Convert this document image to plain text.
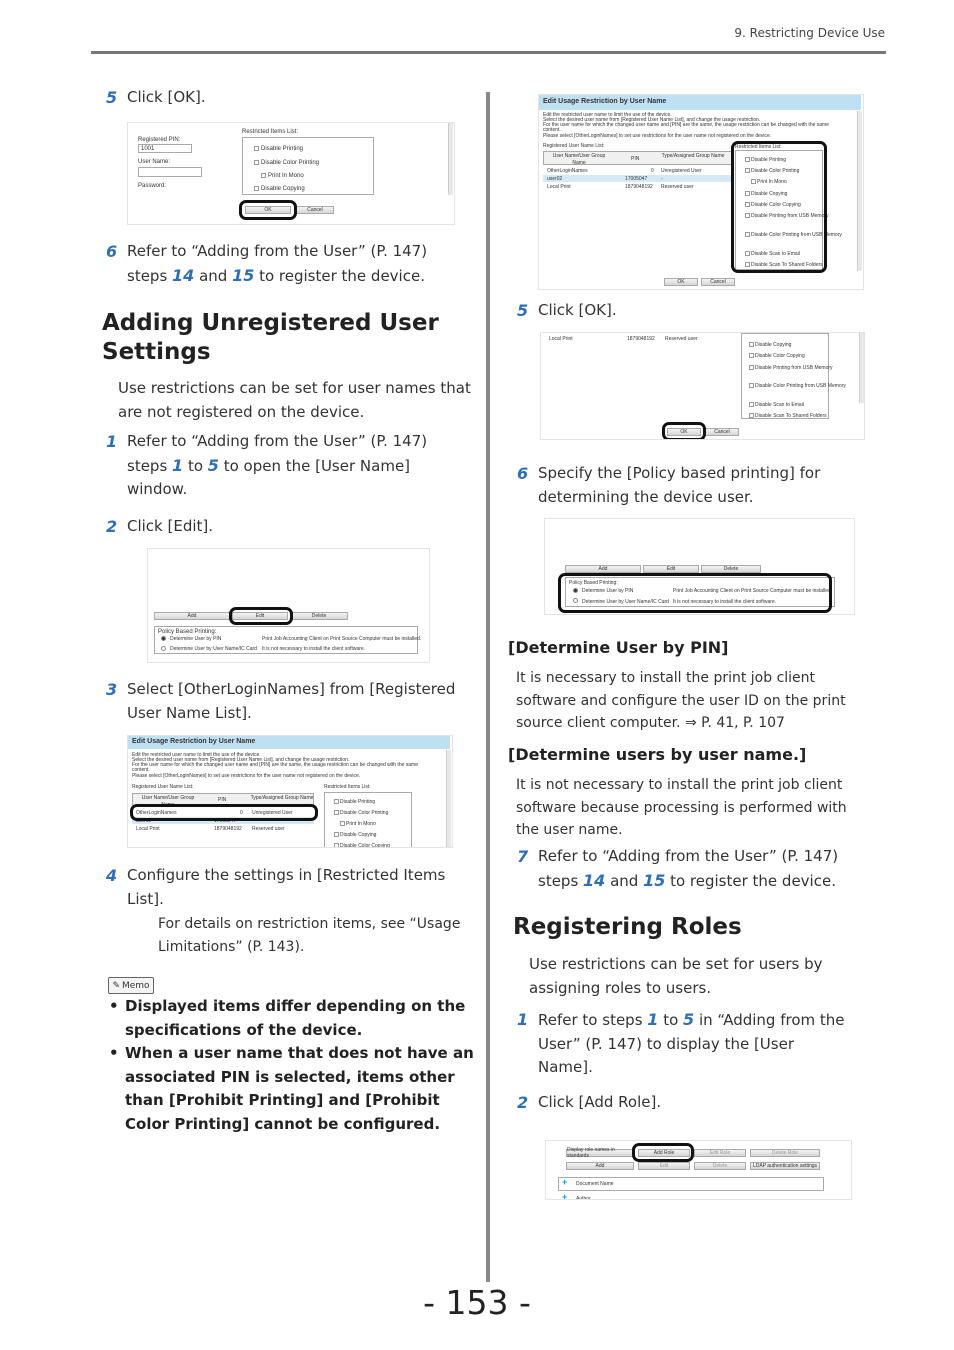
9. Restricting Device Use
5 Click [OK].
Restricted Items List:
Registered PIN:
1001
User Name:
Password:
Disable Printing
Disable Color Printing
Print In Mono
Disable Copying
OK	Cancel
6 Refer to “Adding from the User” (P. 147) steps 14 and 15 to register the device.
Adding Unregistered User Settings
Use restrictions can be set for user names that are not registered on the device.
1 Refer to “Adding from the User” (P. 147) steps 1 to 5 to open the [User Name] window.
2 Click [Edit].
Add	Edit	Delete
Policy Based Printing:
Determine User by PIN	Print Job Accounting Client on Print Source Computer must be installed.
Determine User by User Name/IC Card It is not necessary to install the client software.
3 Select [OtherLoginNames] from [Registered User Name List].
Edit Usage Restriction by User Name
Edit the restricted user name to limit the use of the device.
Select the desired user name from [Registered User Name List], and change the usage restriction.
For the user name for which the changed user name and [PIN] are the same, the usage restriction can be changed with the same
content.
Please select [OtherLoginNames] to set use restrictions for the user name not registered on the device.
Registered User Name List:	Restricted Items List:
User Name/User Group Name
PIN	Type/Assigned Group Name
OtherLoginNames	0 Unregistered User
user02	17005047	-
Local Print	1879048192 Reserved user
Disable Printing
Disable Color Printing
Print In Mono
Disable Copying
Disable Color Copying
4 Configure the settings in [Restricted Items List].
For details on restriction items, see “Usage Limitations” (P. 143).
✎ Memo
• Displayed items differ depending on the specifications of the device.
• When a user name that does not have an associated PIN is selected, items other than [Prohibit Printing] and [Prohibit Color Printing] cannot be configured.
Edit Usage Restriction by User Name
Edit the restricted user name to limit the use of the device.
Select the desired user name from [Registered User Name List], and change the usage restriction.
For the user name for which the changed user name and [PIN] are the same, the usage restriction can be changed with the same
content.
Please select [OtherLoginNames] to set use restrictions for the user name not registered on the device.
Registered User Name List:	Restricted Items List:
User Name/User Group Name
PIN	Type/Assigned Group Name
OtherLoginNames	0 Unregistered User
user02	17005047	-
Local Print	1879048192 Reserved user
Disable Printing
Disable Color Printing
Print In Mono
Disable Copying
Disable Color Copying
Disable Printing from USB Memory
Disable Color Printing from USB Memory
Disable Scan to Email
Disable Scan To Shared Folders
OK	Cancel
5 Click [OK].
Local Print	1879048192 Reserved user
Disable Copying
Disable Color Copying
Disable Printing from USB Memory
Disable Color Printing from USB Memory
Disable Scan to Email
Disable Scan To Shared Folders
OK	Cancel
6 Specify the [Policy based printing] for determining the device user.
Add	Edit	Delete
Policy Based Printing:
Determine User by PIN	Print Job Accounting Client on Print Source Computer must be installed.
Determine User by User Name/IC Card It is not necessary to install the client software.
[Determine User by PIN]
It is necessary to install the print job client software and configure the user ID on the print source client computer. ⇒ P. 41, P. 107
[Determine users by user name.]
It is not necessary to install the print job client software because processing is performed with the user name.
7 Refer to “Adding from the User” (P. 147) steps 14 and 15 to register the device.
Registering Roles
Use restrictions can be set for users by assigning roles to users.
1 Refer to steps 1 to 5 in “Adding from the User” (P. 147) to display the [User Name].
2 Click [Add Role].
Display role names in standards	Add Role	Edit Role	Delete Role
Add	Edit	Delete	LDAP authentication settings
+ Document Name
+ Author
- 153 -
